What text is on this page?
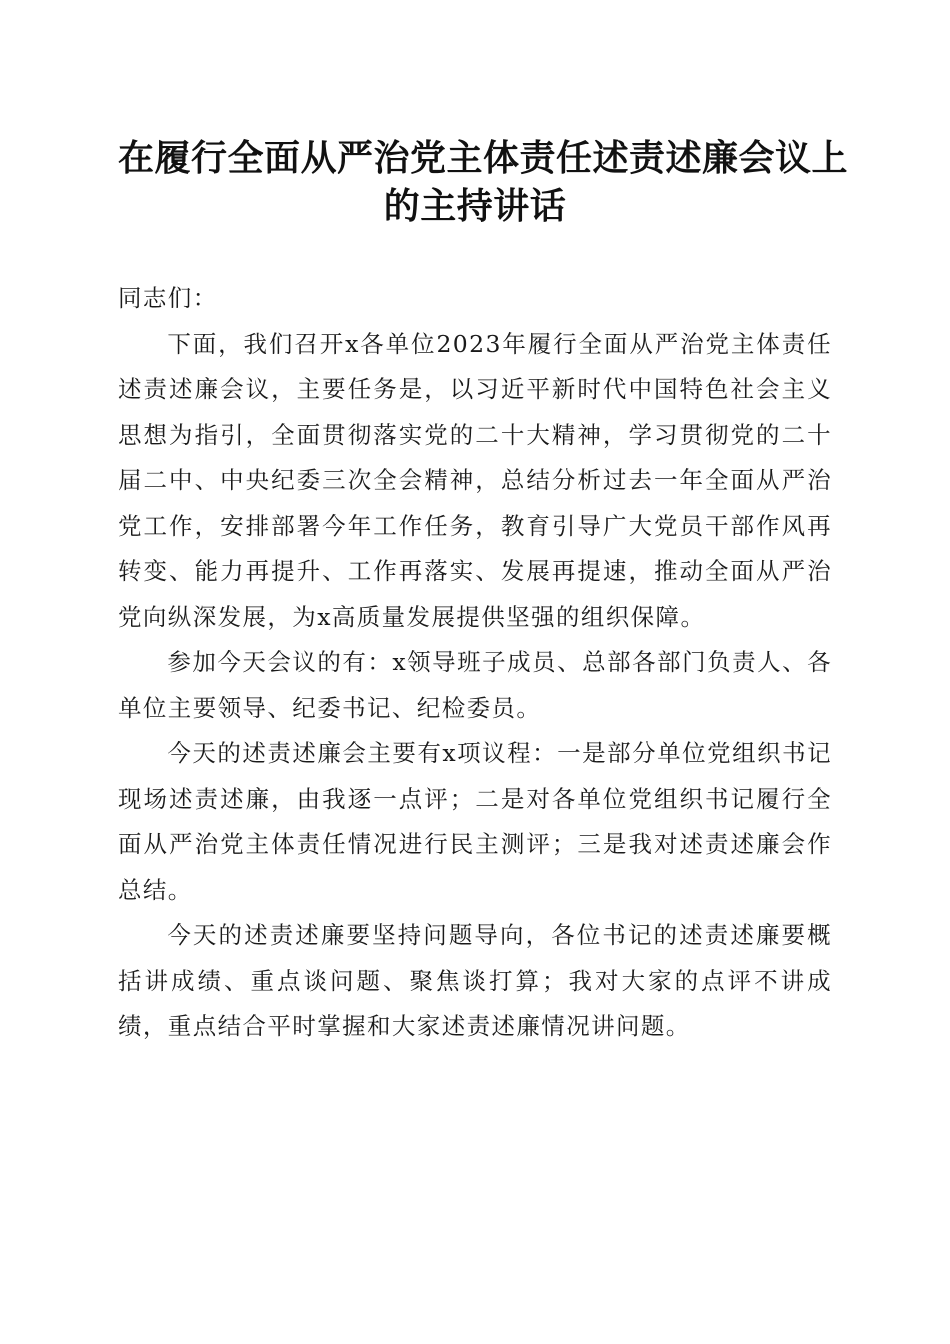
在履行全面从严治党主体责任述责述廉会议上
的主持讲话

同志们：

下面，我们召开x各单位2023年履行全面从严治党主体责任述责述廉会议，主要任务是，以习近平新时代中国特色社会主义思想为指引，全面贯彻落实党的二十大精神，学习贯彻党的二十届二中、中央纪委三次全会精神，总结分析过去一年全面从严治党工作，安排部署今年工作任务，教育引导广大党员干部作风再转变、能力再提升、工作再落实、发展再提速，推动全面从严治党向纵深发展，为x高质量发展提供坚强的组织保障。

参加今天会议的有：x领导班子成员、总部各部门负责人、各单位主要领导、纪委书记、纪检委员。

今天的述责述廉会主要有x项议程：一是部分单位党组织书记现场述责述廉，由我逐一点评；二是对各单位党组织书记履行全面从严治党主体责任情况进行民主测评；三是我对述责述廉会作总结。

今天的述责述廉要坚持问题导向，各位书记的述责述廉要概括讲成绩、重点谈问题、聚焦谈打算；我对大家的点评不讲成绩，重点结合平时掌握和大家述责述廉情况讲问题。
